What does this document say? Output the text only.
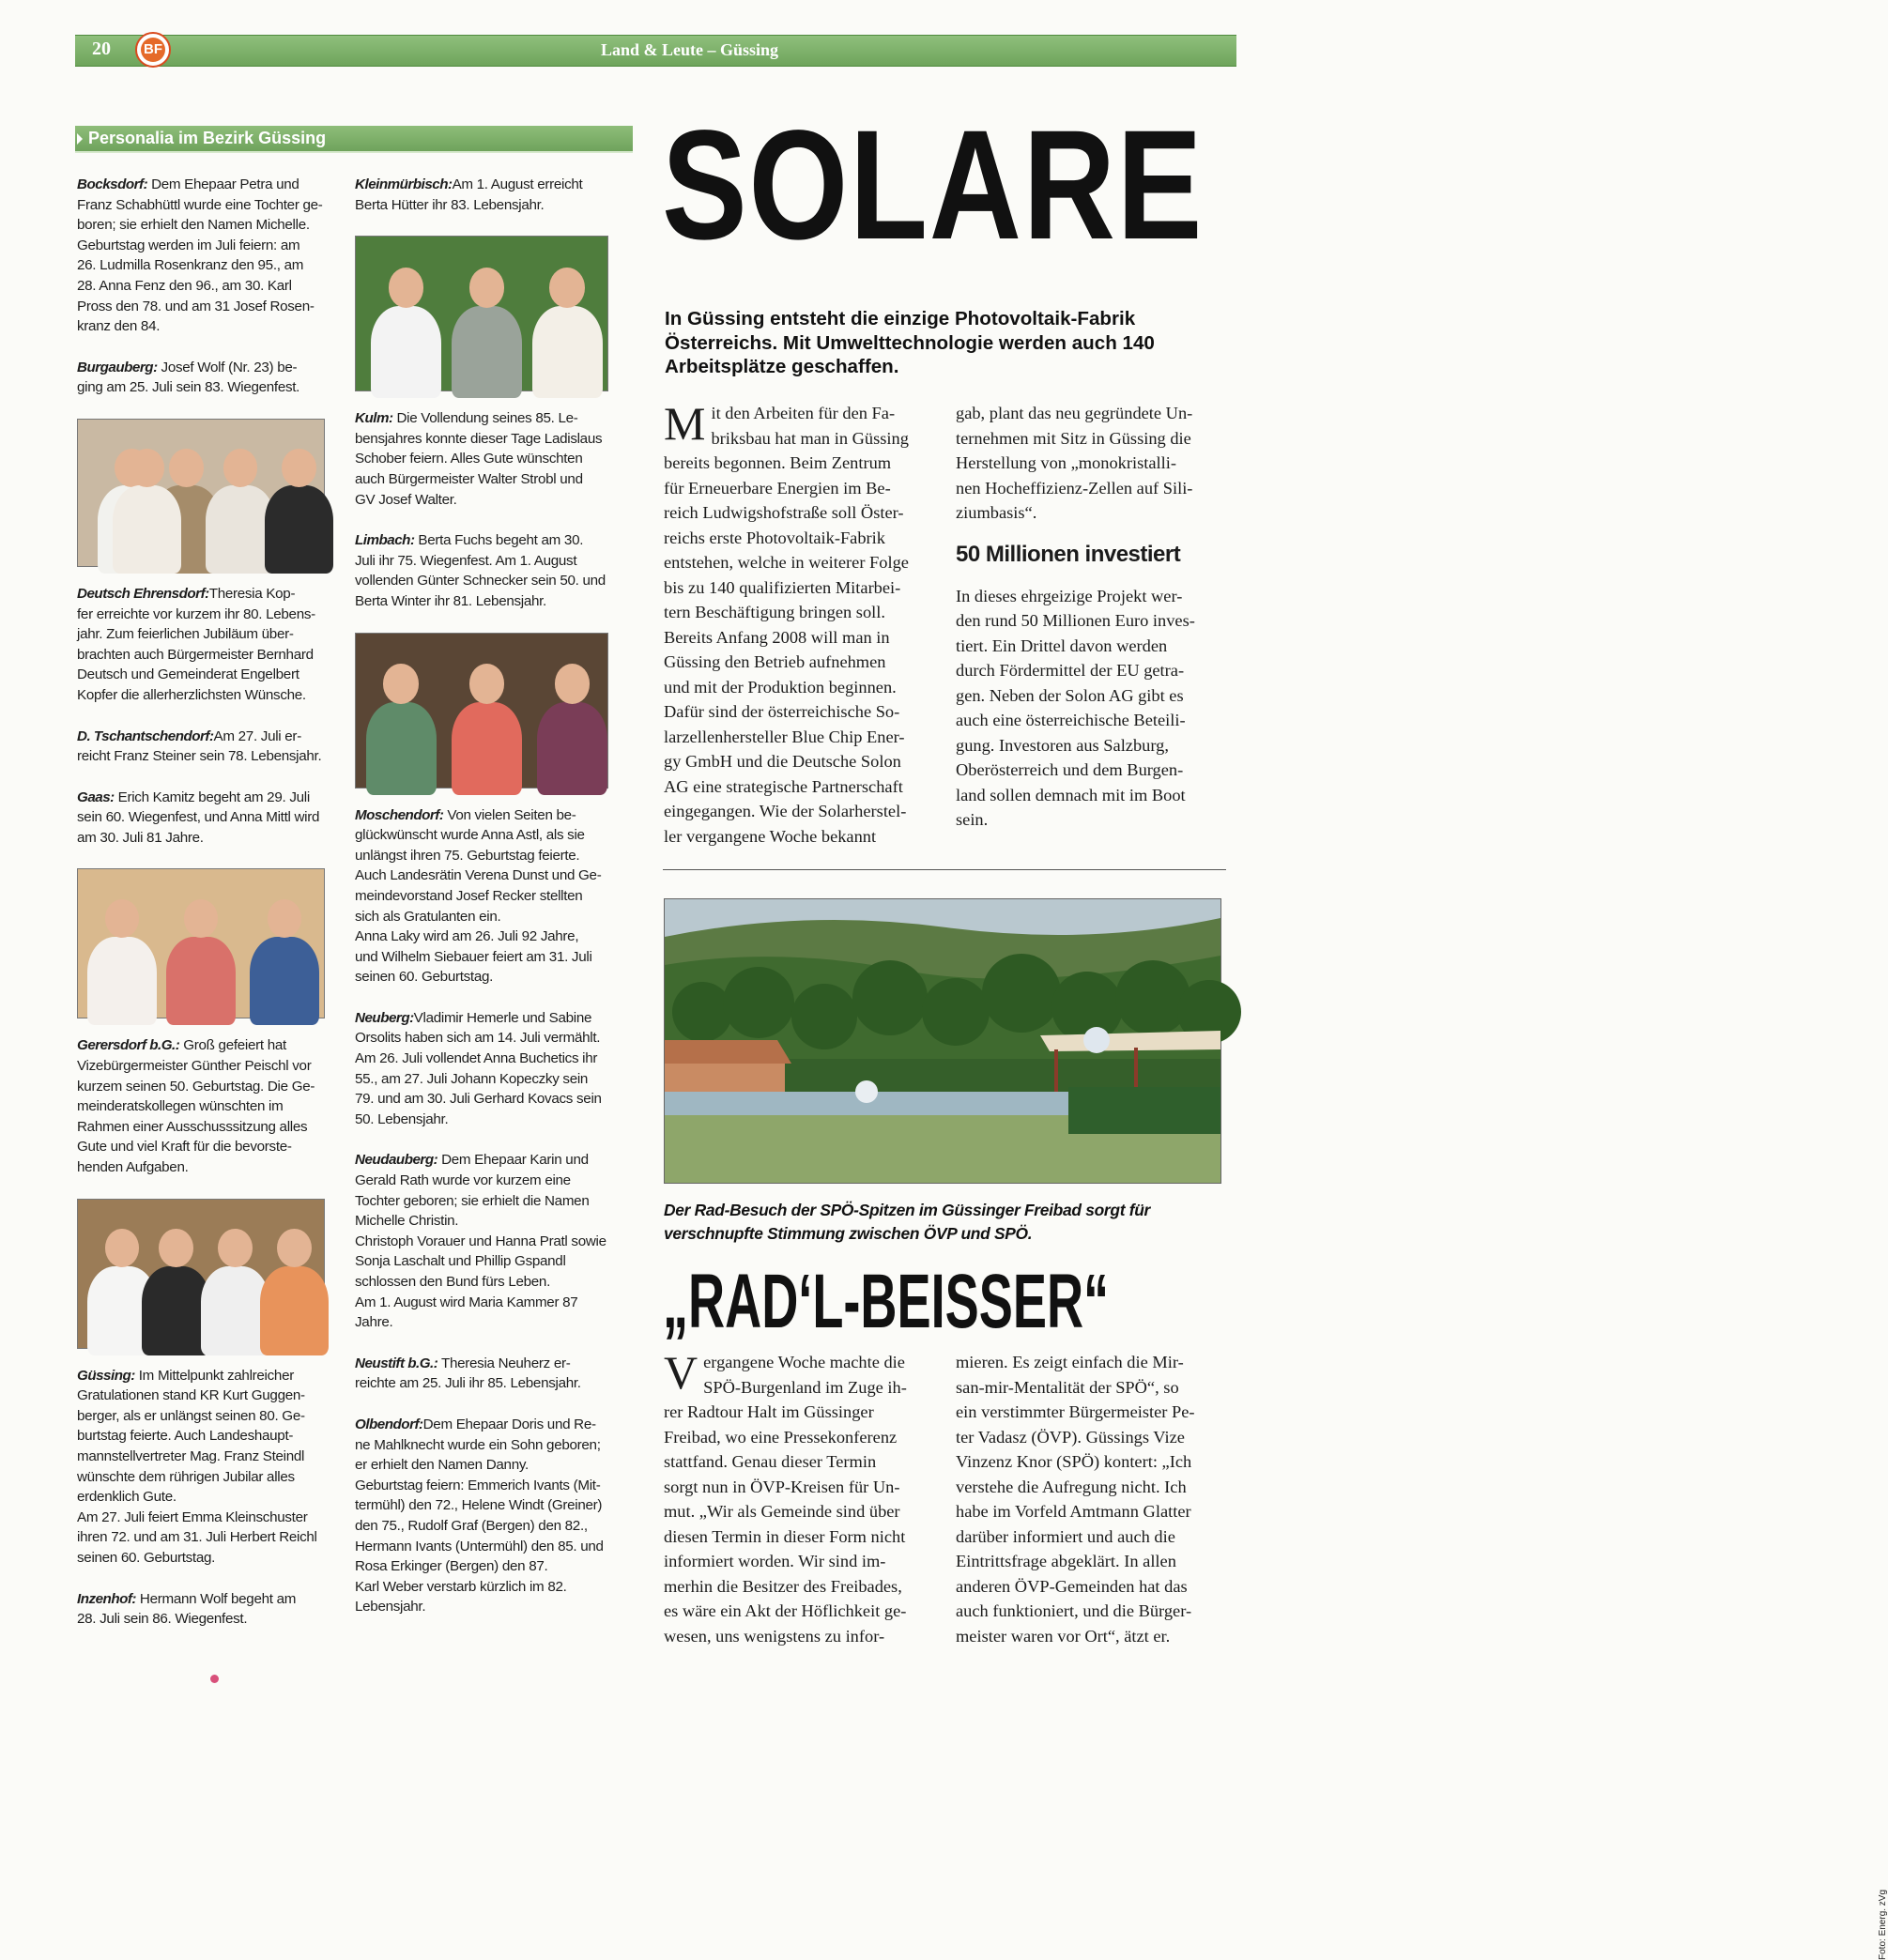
20 BF	Land & Leute – Güssing
Personalia im Bezirk Güssing
Bocksdorf: Dem Ehepaar Petra und
Franz Schabhüttl wurde eine Tochter ge-
boren; sie erhielt den Namen Michelle.
Geburtstag werden im Juli feiern: am
26. Ludmilla Rosenkranz den 95., am
28. Anna Fenz den 96., am 30. Karl
Pross den 78. und am 31 Josef Rosen-
kranz den 84.
Burgauberg: Josef Wolf (Nr. 23) be-
ging am 25. Juli sein 83. Wiegenfest.
Deutsch Ehrensdorf:Theresia Kop-
fer erreichte vor kurzem ihr 80. Lebens-
jahr. Zum feierlichen Jubiläum über-
brachten auch Bürgermeister Bernhard
Deutsch und Gemeinderat Engelbert
Kopfer die allerherzlichsten Wünsche.
D. Tschantschendorf:Am 27. Juli er-
reicht Franz Steiner sein 78. Lebensjahr.
Gaas: Erich Kamitz begeht am 29. Juli
sein 60. Wiegenfest, und Anna Mittl wird
am 30. Juli 81 Jahre.
Gerersdorf b.G.: Groß gefeiert hat
Vizebürgermeister Günther Peischl vor
kurzem seinen 50. Geburtstag. Die Ge-
meinderatskollegen wünschten im
Rahmen einer Ausschusssitzung alles
Gute und viel Kraft für die bevorste-
henden Aufgaben.
Güssing: Im Mittelpunkt zahlreicher
Gratulationen stand KR Kurt Guggen-
berger, als er unlängst seinen 80. Ge-
burtstag feierte. Auch Landeshaupt-
mannstellvertreter Mag. Franz Steindl
wünschte dem rührigen Jubilar alles
erdenklich Gute.
Am 27. Juli feiert Emma Kleinschuster
ihren 72. und am 31. Juli Herbert Reichl
seinen 60. Geburtstag.
Inzenhof: Hermann Wolf begeht am
28. Juli sein 86. Wiegenfest.
Kleinmürbisch:Am 1. August erreicht
Berta Hütter ihr 83. Lebensjahr.
Kulm: Die Vollendung seines 85. Le-
bensjahres konnte dieser Tage Ladislaus
Schober feiern. Alles Gute wünschten
auch Bürgermeister Walter Strobl und
GV Josef Walter.
Limbach: Berta Fuchs begeht am 30.
Juli ihr 75. Wiegenfest. Am 1. August
vollenden Günter Schnecker sein 50. und
Berta Winter ihr 81. Lebensjahr.
Moschendorf: Von vielen Seiten be-
glückwünscht wurde Anna Astl, als sie
unlängst ihren 75. Geburtstag feierte.
Auch Landesrätin Verena Dunst und Ge-
meindevorstand Josef Recker stellten
sich als Gratulanten ein.
Anna Laky wird am 26. Juli 92 Jahre,
und Wilhelm Siebauer feiert am 31. Juli
seinen 60. Geburtstag.
Neuberg:Vladimir Hemerle und Sabine
Orsolits haben sich am 14. Juli vermählt.
Am 26. Juli vollendet Anna Buchetics ihr
55., am 27. Juli Johann Kopeczky sein
79. und am 30. Juli Gerhard Kovacs sein
50. Lebensjahr.
Neudauberg: Dem Ehepaar Karin und
Gerald Rath wurde vor kurzem eine
Tochter geboren; sie erhielt die Namen
Michelle Christin.
Christoph Vorauer und Hanna Pratl sowie
Sonja Laschalt und Phillip Gspandl
schlossen den Bund fürs Leben.
Am 1. August wird Maria Kammer 87
Jahre.
Neustift b.G.: Theresia Neuherz er-
reichte am 25. Juli ihr 85. Lebensjahr.
Olbendorf:Dem Ehepaar Doris und Re-
ne Mahlknecht wurde ein Sohn geboren;
er erhielt den Namen Danny.
Geburtstag feiern: Emmerich Ivants (Mit-
termühl) den 72., Helene Windt (Greiner)
den 75., Rudolf Graf (Bergen) den 82.,
Hermann Ivants (Untermühl) den 85. und
Rosa Erkinger (Bergen) den 87.
Karl Weber verstarb kürzlich im 82.
Lebensjahr.
SOLARE
In Güssing entsteht die einzige Photovoltaik-Fabrik Österreichs. Mit Umwelttechnologie werden auch 140 Arbeitsplätze geschaffen.
M it den Arbeiten für den Fa-
briksbau hat man in Güssing
bereits begonnen. Beim Zentrum
für Erneuerbare Energien im Be-
reich Ludwigshofstraße soll Öster-
reichs erste Photovoltaik-Fabrik
entstehen, welche in weiterer Folge
bis zu 140 qualifizierten Mitarbei-
tern Beschäftigung bringen soll.
Bereits Anfang 2008 will man in
Güssing den Betrieb aufnehmen
und mit der Produktion beginnen.
Dafür sind der österreichische So-
larzellenhersteller Blue Chip Ener-
gy GmbH und die Deutsche Solon
AG eine strategische Partnerschaft
eingegangen. Wie der Solarherstel-
ler vergangene Woche bekannt
gab, plant das neu gegründete Un-
ternehmen mit Sitz in Güssing die
Herstellung von „monokristalli-
nen Hocheffizienz-Zellen auf Sili-
ziumbasis“.
50 Millionen investiert
In dieses ehrgeizige Projekt wer-
den rund 50 Millionen Euro inves-
tiert. Ein Drittel davon werden
durch Fördermittel der EU getra-
gen. Neben der Solon AG gibt es
auch eine österreichische Beteili-
gung. Investoren aus Salzburg,
Oberösterreich und dem Burgen-
land sollen demnach mit im Boot
sein.
Foto: Energ. zVg
Der Rad-Besuch der SPÖ-Spitzen im Güssinger Freibad sorgt für verschnupfte Stimmung zwischen ÖVP und SPÖ.
„RAD‘L-BEISSER“
V ergangene Woche machte die
SPÖ-Burgenland im Zuge ih-
rer Radtour Halt im Güssinger
Freibad, wo eine Pressekonferenz
stattfand. Genau dieser Termin
sorgt nun in ÖVP-Kreisen für Un-
mut. „Wir als Gemeinde sind über
diesen Termin in dieser Form nicht
informiert worden. Wir sind im-
merhin die Besitzer des Freibades,
es wäre ein Akt der Höflichkeit ge-
wesen, uns wenigstens zu infor-
mieren. Es zeigt einfach die Mir-
san-mir-Mentalität der SPÖ“, so
ein verstimmter Bürgermeister Pe-
ter Vadasz (ÖVP). Güssings Vize
Vinzenz Knor (SPÖ) kontert: „Ich
verstehe die Aufregung nicht. Ich
habe im Vorfeld Amtmann Glatter
darüber informiert und auch die
Eintrittsfrage abgeklärt. In allen
anderen ÖVP-Gemeinden hat das
auch funktioniert, und die Bürger-
meister waren vor Ort“, ätzt er.
